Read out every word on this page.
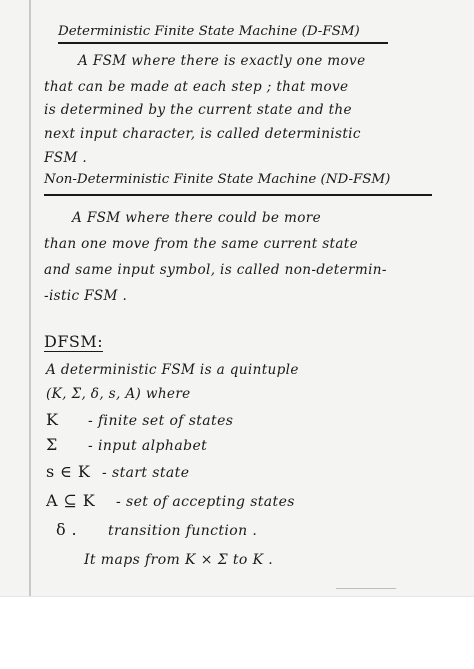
Deterministic Finite State Machine (D-FSM)
A FSM where there is exactly one move
that can be made at each step ; that move
is determined by the current state and the
next input character, is called deterministic
FSM .
Non-Deterministic Finite State Machine (ND-FSM)
A FSM where there could be more
than one move from the same current state
and same input symbol, is called non-determin-
-istic FSM .
DFSM:
A deterministic FSM is a quintuple
(K, Σ, δ, s, A) where
K - finite set of states
Σ - input alphabet
s ∈ K - start state
A ⊆ K - set of accepting states
δ . transition function .
It maps from K × Σ to K .
